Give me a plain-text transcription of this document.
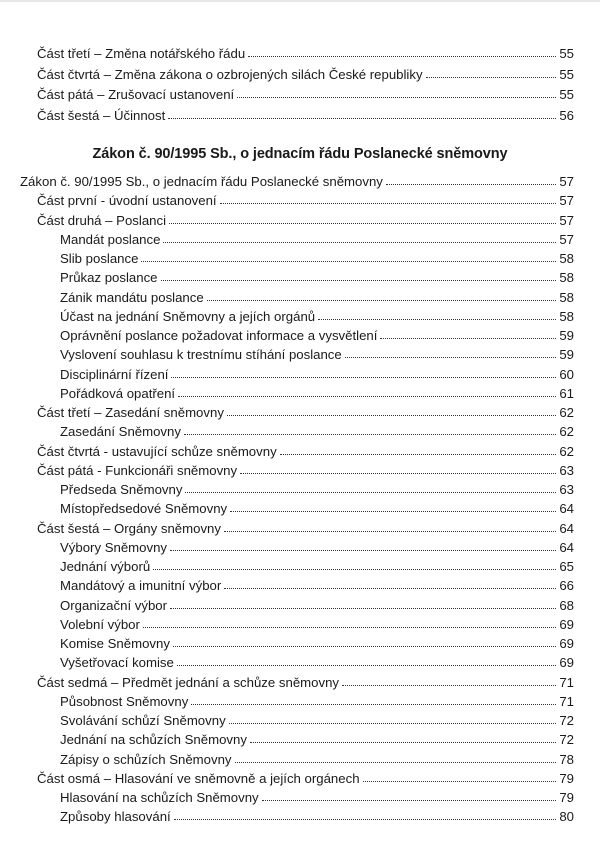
Část třetí – Změna notářského řádu	55
Část čtvrtá – Změna zákona o ozbrojených silách České republiky	55
Část pátá – Zrušovací ustanovení	55
Část šestá – Účinnost	56
Zákon č. 90/1995 Sb., o jednacím řádu Poslanecké sněmovny
Zákon č. 90/1995 Sb., o jednacím řádu Poslanecké sněmovny	57
Část první - úvodní ustanovení	57
Část druhá – Poslanci	57
Mandát poslance	57
Slib poslance	58
Průkaz poslance	58
Zánik mandátu poslance	58
Účast na jednání Sněmovny a jejích orgánů	58
Oprávnění poslance požadovat informace a vysvětlení	59
Vyslovení souhlasu k trestnímu stíhání poslance	59
Disciplinární řízení	60
Pořádková opatření	61
Část třetí – Zasedání sněmovny	62
Zasedání Sněmovny	62
Část čtvrtá - ustavující schůze sněmovny	62
Část pátá - Funkcionáři sněmovny	63
Předseda Sněmovny	63
Místopředsedové Sněmovny	64
Část šestá – Orgány sněmovny	64
Výbory Sněmovny	64
Jednání výborů	65
Mandátový a imunitní výbor	66
Organizační výbor	68
Volební výbor	69
Komise Sněmovny	69
Vyšetřovací komise	69
Část sedmá – Předmět jednání a schůze sněmovny	71
Působnost Sněmovny	71
Svolávání schůzí Sněmovny	72
Jednání na schůzích Sněmovny	72
Zápisy o schůzích Sněmovny	78
Část osmá – Hlasování ve sněmovně a jejích orgánech	79
Hlasování na schůzích Sněmovny	79
Způsoby hlasování	80
